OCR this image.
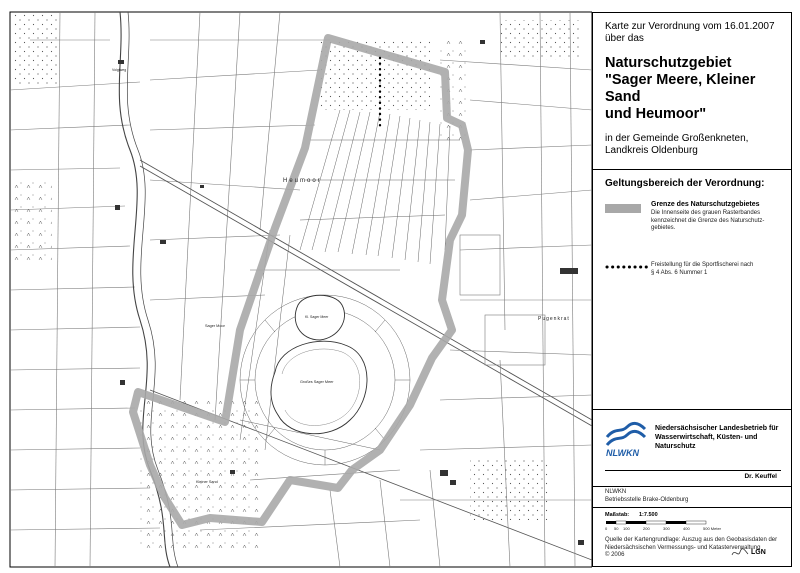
Heumoor
Kl. Sager Meer
Großes Sager Meer
Sager Moor
Pugenkrat
Kleiner Sand
Voigtweg
Karte zur Verordnung vom 16.01.2007
über das
Naturschutzgebiet
"Sager Meere, Kleiner Sand
und Heumoor"
in der Gemeinde Großenkneten,
Landkreis Oldenburg
Geltungsbereich der Verordnung:
Grenze des Naturschutzgebietes
Die Innenseite des grauen Rasterbandes
kennzeichnet die Grenze des Naturschutz-
gebietes.
Freistellung für die Sportfischerei nach
§ 4 Abs. 6 Nummer 1
NLWKN
Niedersächsischer Landesbetrieb für
Wasserwirtschaft, Küsten- und Naturschutz
Dr. Keuffel
NLWKN
Betriebsstelle Brake-Oldenburg
Maßstab: 1:7.500
0 50 100	200	300	400	500 Meter
Quelle der Kartengrundlage: Auszug aus den Geobasisdaten der
Niedersächsischen Vermessungs- und Katasterverwaltung
© 2006	LGN
